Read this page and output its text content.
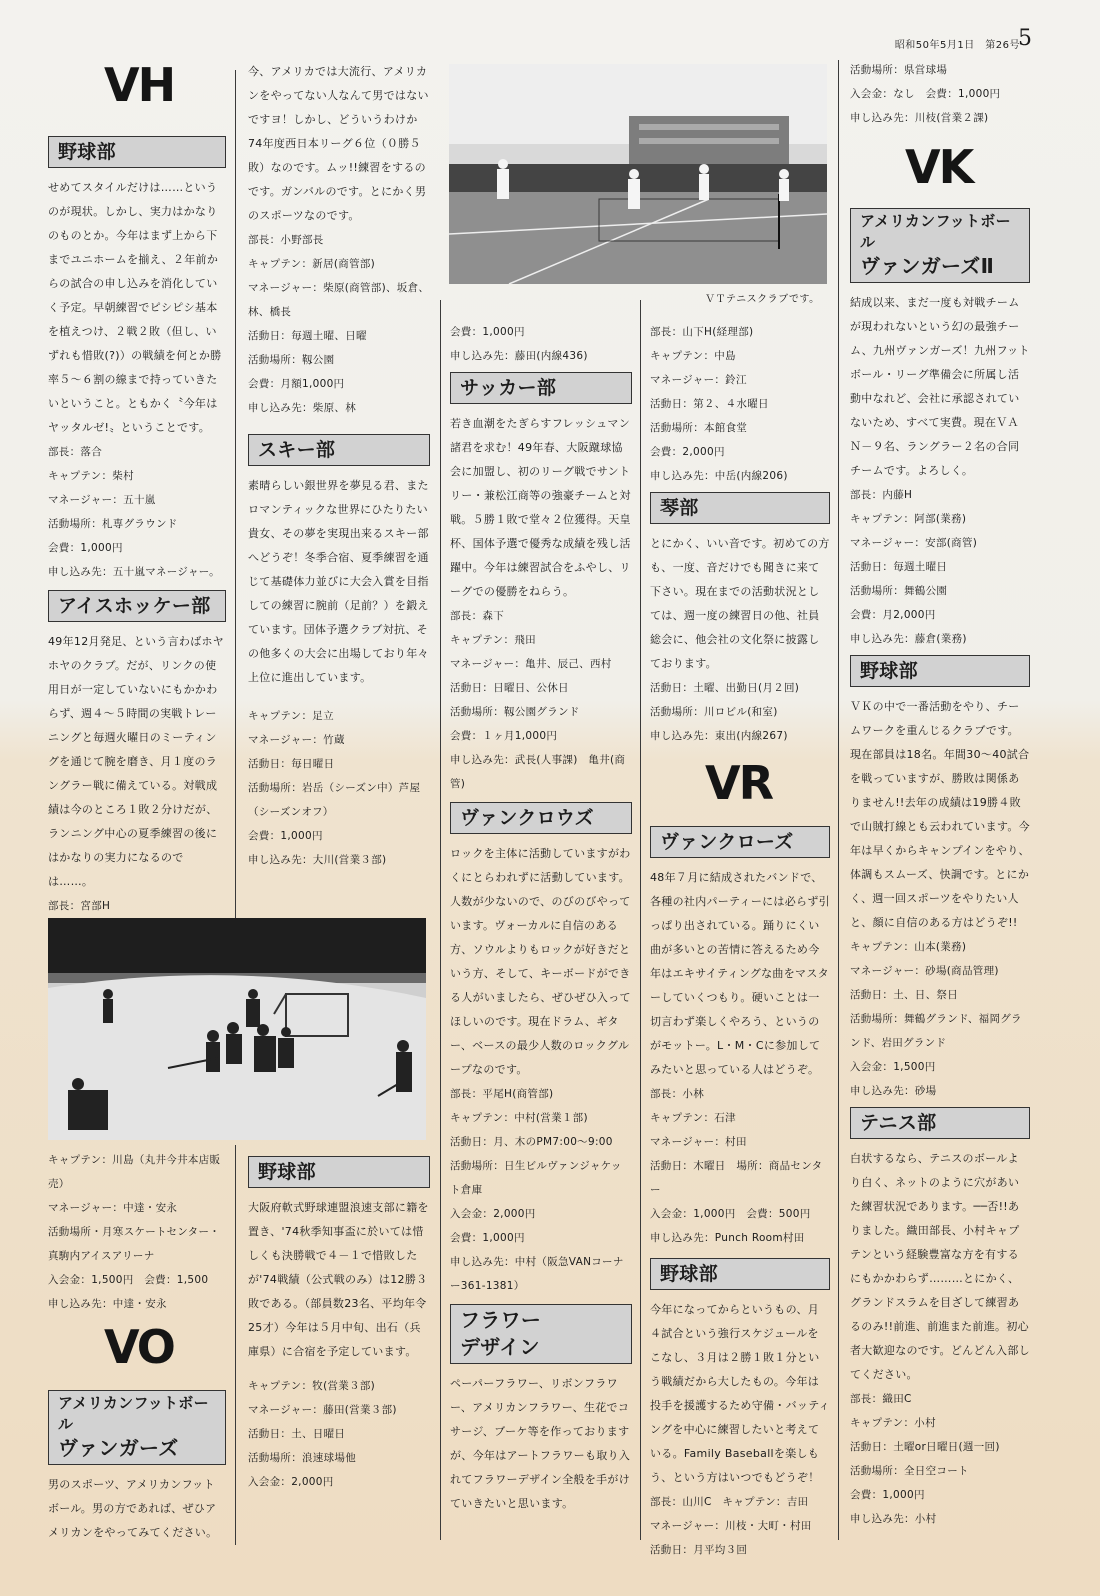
昭和50年5月1日　第26号
5
VH
野球部

せめてスタイルだけは……というのが現状。しかし、実力はかなりのものとか。今年はまず上から下までユニホームを揃え、２年前からの試合の申し込みを消化していく予定。早朝練習でピシピシ基本を植えつけ、２戦２敗（但し、いずれも惜敗(?)）の戦績を何とか勝率５～６割の線まで持っていきたいということ。ともかく〝今年はヤッタルゼ!〟ということです。

部長：落合

キャプテン：柴村

マネージャー：五十嵐

活動場所：札専グラウンド

会費：1,000円

申し込み先：五十嵐マネージャー。

アイスホッケー部

49年12月発足、という言わばホヤホヤのクラブ。だが、リンクの使用日が一定していないにもかかわらず、週４～５時間の実戦トレーニングと毎週火曜日のミーティングを通じて腕を磨き、月１度のラングラー戦に備えている。対戦成績は今のところ１敗２分けだが、ランニング中心の夏季練習の後にはかなりの実力になるのでは……。

部長：宮部H

キャプテン：川島（丸井今井本店販売）

マネージャー：中達・安永

活動場所・月寒スケートセンター・真駒内アイスアリーナ

入会金：1,500円　会費：1,500

申し込み先：中達・安永

VO
アメリカンフットボール
ヴァンガーズ

男のスポーツ、アメリカンフットボール。男の方であれば、ぜひアメリカンをやってみてください。

今、アメリカでは大流行、アメリカンをやってない人なんて男ではないですヨ！しかし、どういうわけか74年度西日本リーグ６位（０勝５敗）なのです。ムッ!!練習をするのです。ガンバルのです。とにかく男のスポーツなのです。

部長：小野部長

キャプテン：新居(商管部)

マネージャー：柴原(商管部)、坂倉、林、橋長

活動日：毎週土曜、日曜

活動場所：靱公園

会費：月額1,000円

申し込み先：柴原、林

スキー部

素晴らしい銀世界を夢見る君、またロマンティックな世界にひたりたい貴女、その夢を実現出来るスキー部へどうぞ！冬季合宿、夏季練習を通じて基礎体力並びに大会入賞を目指しての練習に腕前（足前？）を鍛えています。団体予選クラブ対抗、その他多くの大会に出場しており年々上位に進出しています。

キャプテン：足立

マネージャー：竹蔵

活動日：毎日曜日

活動場所：岩岳（シーズン中）芦屋（シーズンオフ）

会費：1,000円

申し込み先：大川(営業３部)

野球部

大阪府軟式野球連盟浪速支部に籍を置き、'74秋季知事盃に於いては惜しくも決勝戦で４－１で惜敗したが'74戦績（公式戦のみ）は12勝３敗である。（部員数23名、平均年令25才）今年は５月中旬、出石（兵庫県）に合宿を予定しています。

キャプテン：牧(営業３部)

マネージャー：藤田(営業３部)

活動日：土、日曜日

活動場所：浪速球場他

入会金：2,000円

ＶＴテニスクラブです。

会費：1,000円

申し込み先：藤田(内線436)

サッカー部

若き血潮をたぎらすフレッシュマン諸君を求む！49年春、大阪蹴球協会に加盟し、初のリーグ戦でサントリー・兼松江商等の強豪チームと対戦。５勝１敗で堂々２位獲得。天皇杯、国体予選で優秀な成績を残し活躍中。今年は練習試合をふやし、リーグでの優勝をねらう。

部長：森下

キャプテン：飛田

マネージャー：亀井、辰己、西村

活動日：日曜日、公休日

活動場所：靱公園グランド

会費：１ヶ月1,000円

申し込み先：武長(人事課)　亀井(商管)

ヴァンクロウズ

ロックを主体に活動していますがわくにとらわれずに活動しています。人数が少ないので、のびのびやっています。ヴォーカルに自信のある方、ソウルよりもロックが好きだという方、そして、キーボードができる人がいましたら、ぜひぜひ入ってほしいのです。現在ドラム、ギター、ベースの最少人数のロックグループなのです。

部長：平尾H(商管部)

キャプテン：中村(営業１部)

活動日：月、木のPM7:00～9:00

活動場所：日生ビルヴァンジャケット倉庫

入会金：2,000円

会費：1,000円

申し込み先：中村（阪急VANコーナー361-1381）

フラワー
デザイン

ペーパーフラワー、リボンフラワー、アメリカンフラワー、生花でコサージ、ブーケ等を作っておりますが、今年はアートフラワーも取り入れてフラワーデザイン全般を手がけていきたいと思います。

部長：山下H(経理部)

キャプテン：中島

マネージャー：鈴江

活動日：第２、４水曜日

活動場所：本館食堂

会費：2,000円

申し込み先：中岳(内線206)

琴部

とにかく、いい音です。初めての方も、一度、音だけでも聞きに来て下さい。現在までの活動状況としては、週一度の練習日の他、社員総会に、他会社の文化祭に披露しております。

活動日：土曜、出勤日(月２回)

活動場所：川ロビル(和室)

申し込み先：東出(内線267)

VR
ヴァンクローズ

48年７月に結成されたバンドで、各種の社内パーティーには必らず引っぱり出されている。踊りにくい曲が多いとの苦情に答えるため今年はエキサイティングな曲をマスターしていくつもり。硬いことは一切言わず楽しくやろう、というのがモットー。L・M・Cに参加してみたいと思っている人はどうぞ。

部長：小林

キャプテン：石津

マネージャー：村田

活動日：木曜日　場所：商品センター

入会金：1,000円　会費：500円

申し込み先：Punch Room村田

野球部

今年になってからというもの、月４試合という強行スケジュールをこなし、３月は２勝１敗１分という戦績だから大したもの。今年は投手を援護するため守備・バッティングを中心に練習したいと考えている。Family Baseballを楽しもう、という方はいつでもどうぞ！

部長：山川C　キャプテン：吉田

マネージャー：川枝・大町・村田

活動日：月平均３回

活動場所：県営球場

入会金：なし　会費：1,000円

申し込み先：川枝(営業２課)

VK
アメリカンフットボール
ヴァンガーズⅡ

結成以来、まだ一度も対戦チームが現われないという幻の最強チーム、九州ヴァンガーズ！九州フットボール・リーグ準備会に所属し活動中なれど、会社に承認されていないため、すべて実費。現在ＶＡＮ－９名、ラングラー２名の合同チームです。よろしく。

部長：内藤H

キャプテン：阿部(業務)

マネージャー：安部(商管)

活動日：毎週土曜日

活動場所：舞鶴公園

会費：月2,000円

申し込み先：藤倉(業務)

野球部

ＶＫの中で一番活動をやり、チームワークを重んじるクラブです。現在部員は18名。年間30～40試合を戦っていますが、勝敗は関係ありません!!去年の成績は19勝４敗で山賊打線とも云われています。今年は早くからキャンプインをやり、体調もスムーズ、快調です。とにかく、週一回スポーツをやりたい人と、顔に自信のある方はどうぞ!!

キャプテン：山本(業務)

マネージャー：砂場(商品管理)

活動日：土、日、祭日

活動場所：舞鶴グランド、福岡グランド、岩田グランド

入会金：1,500円

申し込み先：砂場

テニス部

白状するなら、テニスのボールより白く、ネットのように穴があいた練習状況であります。──否!!ありました。織田部長、小村キャプテンという経験豊富な方を有するにもかかわらず………とにかく、グランドスラムを目ざして練習あるのみ!!前進、前進また前進。初心者大歓迎なのです。どんどん入部してください。

部長：織田C

キャプテン：小村

活動日：土曜or日曜日(週一回)

活動場所：全日空コート

会費：1,000円

申し込み先：小村
